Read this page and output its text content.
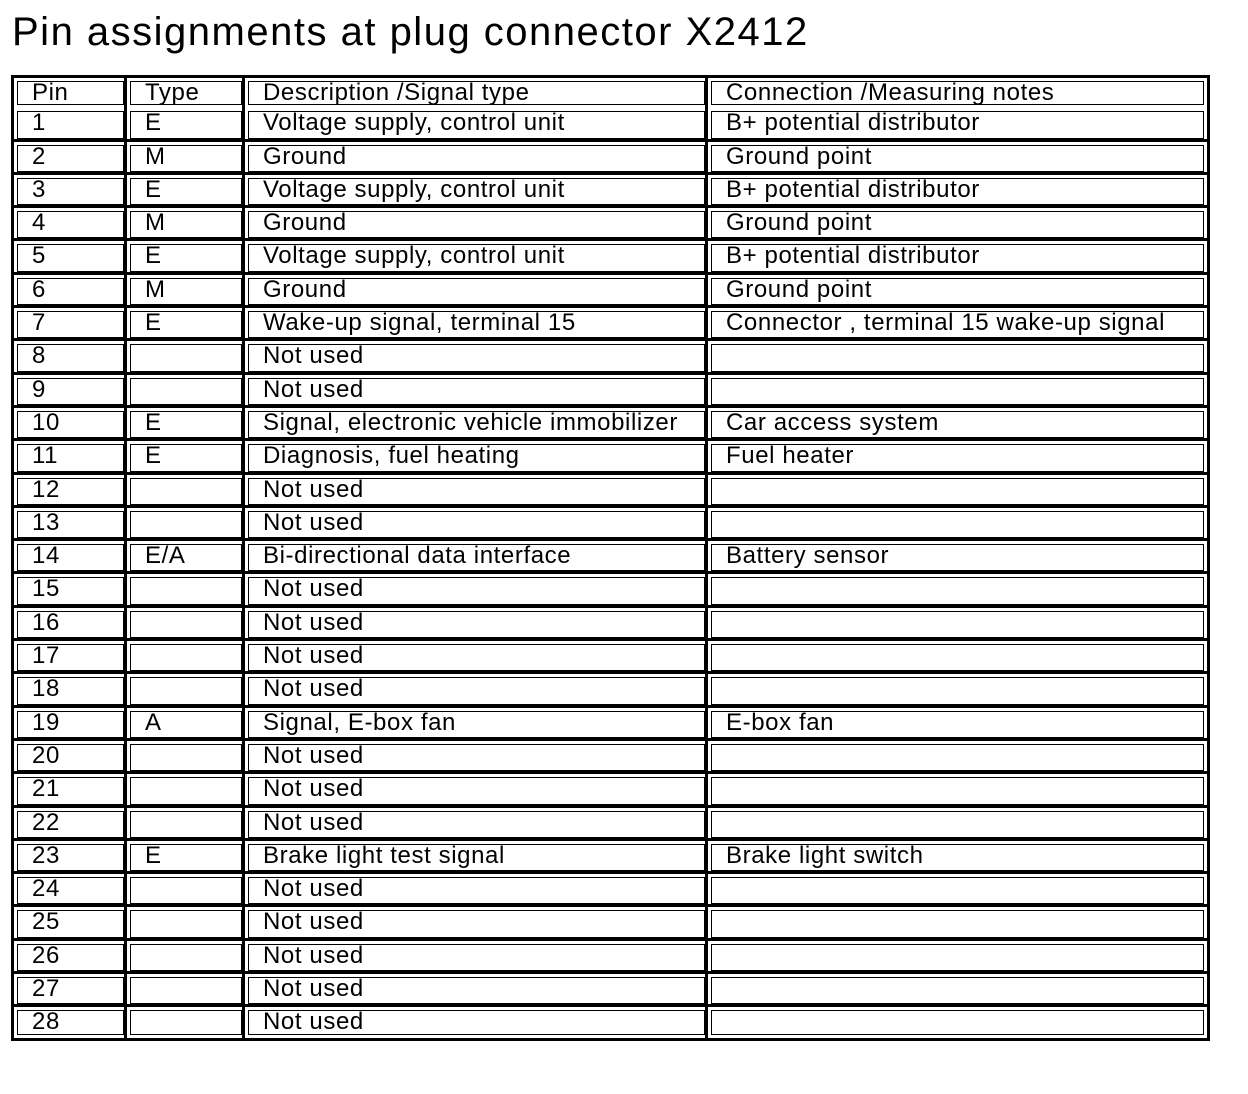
Pin assignments at plug connector X2412
Pin	Type	Description /Signal type	Connection /Measuring notes
1	E	Voltage supply, control unit	B+ potential distributor
2	M	Ground	Ground point
3	E	Voltage supply, control unit	B+ potential distributor
4	M	Ground	Ground point
5	E	Voltage supply, control unit	B+ potential distributor
6	M	Ground	Ground point
7	E	Wake-up signal, terminal 15	Connector , terminal 15 wake-up signal
8		Not used	
9		Not used	
10	E	Signal, electronic vehicle immobilizer	Car access system
11	E	Diagnosis, fuel heating	Fuel heater
12		Not used	
13		Not used	
14	E/A	Bi-directional data interface	Battery sensor
15		Not used	
16		Not used	
17		Not used	
18		Not used	
19	A	Signal, E-box fan	E-box fan
20		Not used	
21		Not used	
22		Not used	
23	E	Brake light test signal	Brake light switch
24		Not used	
25		Not used	
26		Not used	
27		Not used	
28		Not used	
